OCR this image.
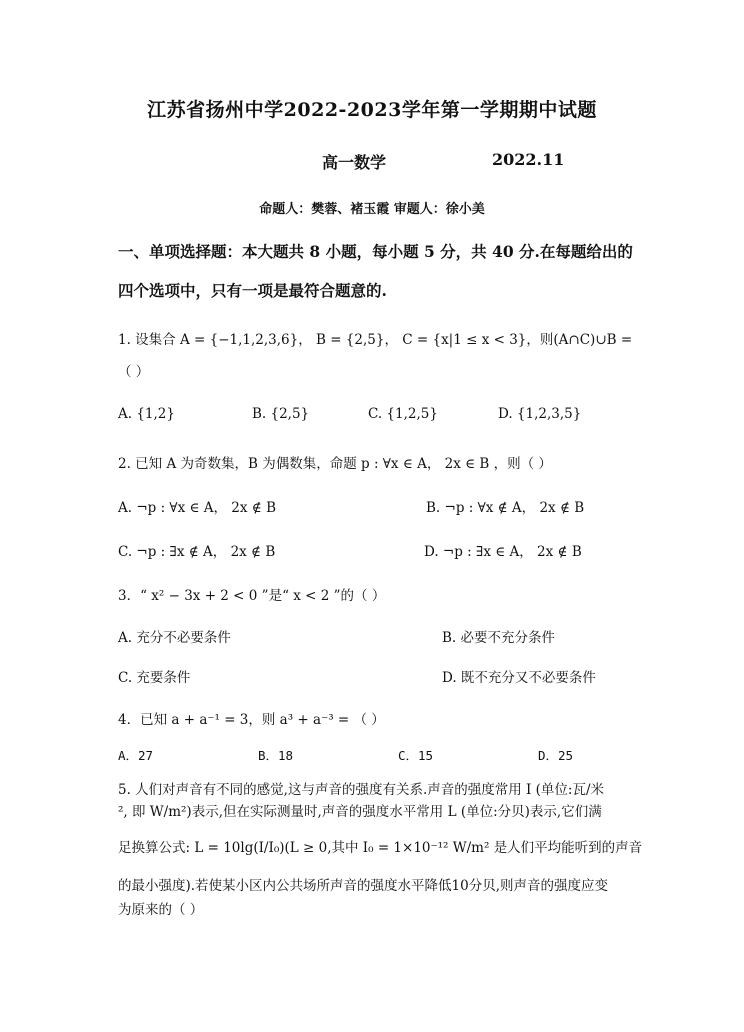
江苏省扬州中学2022-2023学年第一学期期中试题
高一数学	2022.11
命题人：樊蓉、褚玉霞 审题人：徐小美
一、单项选择题：本大题共 8 小题，每小题 5 分，共 40 分.在每题给出的
四个选项中，只有一项是最符合题意的.
1. 设集合 A = {−1,1,2,3,6}， B = {2,5}， C = {x|1 ≤ x < 3}，则(A∩C)∪B =
（ ）
A. {1,2}	B. {2,5}	C. {1,2,5}	D. {1,2,3,5}
2. 已知 A 为奇数集，B 为偶数集，命题 p : ∀x ∈ A， 2x ∈ B ，则（ ）
A. ¬p : ∀x ∈ A， 2x ∉ B	B. ¬p : ∀x ∉ A， 2x ∉ B
C. ¬p : ∃x ∉ A， 2x ∉ B	D. ¬p : ∃x ∈ A， 2x ∉ B
3．“ x² − 3x + 2 < 0 ”是“ x < 2 ”的（ ）
A. 充分不必要条件	B. 必要不充分条件
C. 充要条件	D. 既不充分又不必要条件
4．已知 a + a⁻¹ = 3，则 a³ + a⁻³ = （ ）
A．27	B．18	C．15	D．25
5. 人们对声音有不同的感觉,这与声音的强度有关系.声音的强度常用 I (单位:瓦/米
², 即 W/m²)表示,但在实际测量时,声音的强度水平常用 L (单位:分贝)表示,它们满
足换算公式: L = 10lg(I/I₀)(L ≥ 0,其中 I₀ = 1×10⁻¹² W/m² 是人们平均能听到的声音
的最小强度).若使某小区内公共场所声音的强度水平降低10分贝,则声音的强度应变
为原来的（ ）
